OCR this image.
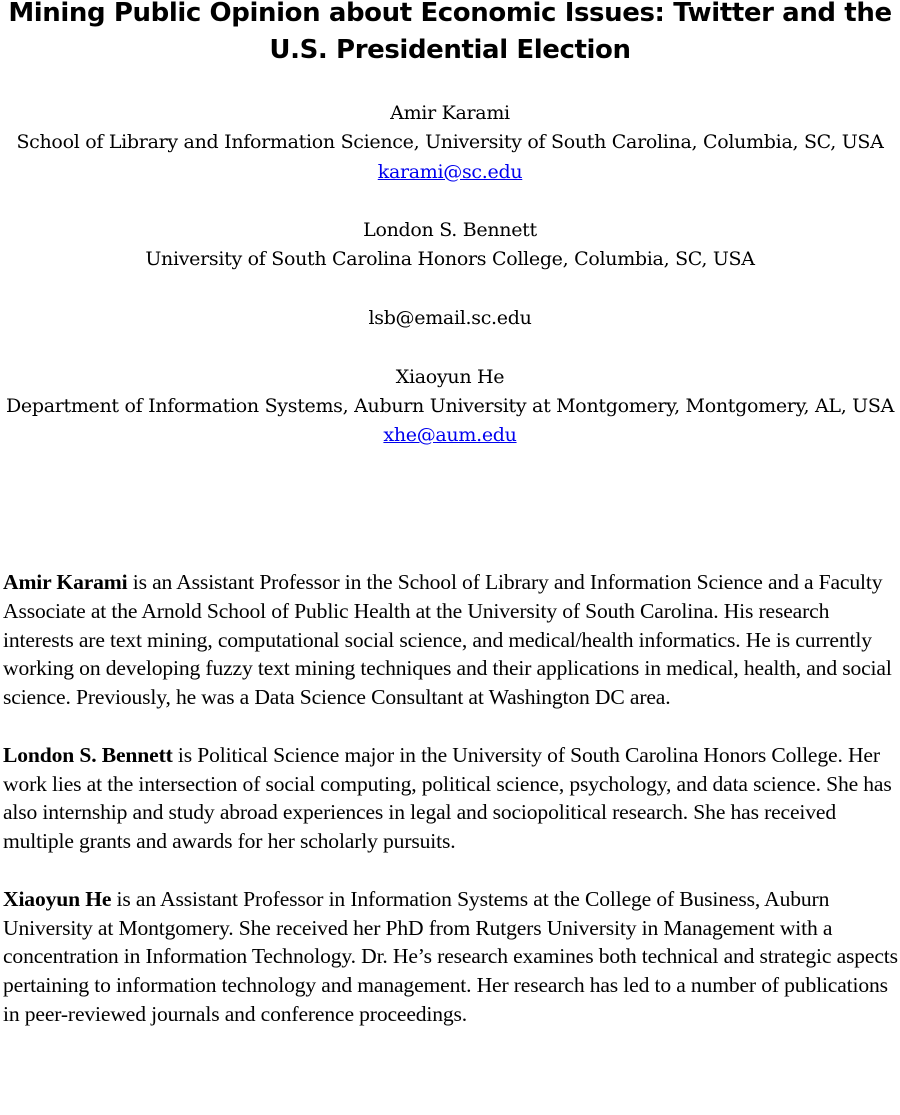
Mining Public Opinion about Economic Issues: Twitter and the U.S. Presidential Election
Amir Karami
School of Library and Information Science, University of South Carolina, Columbia, SC, USA
karami@sc.edu
London S. Bennett
University of South Carolina Honors College, Columbia, SC, USA
lsb@email.sc.edu
Xiaoyun He
Department of Information Systems, Auburn University at Montgomery, Montgomery, AL, USA
xhe@aum.edu

Amir Karami is an Assistant Professor in the School of Library and Information Science and a Faculty Associate at the Arnold School of Public Health at the University of South Carolina. His research interests are text mining, computational social science, and medical/health informatics. He is currently working on developing fuzzy text mining techniques and their applications in medical, health, and social science. Previously, he was a Data Science Consultant at Washington DC area.

London S. Bennett is Political Science major in the University of South Carolina Honors College. Her work lies at the intersection of social computing, political science, psychology, and data science. She has also internship and study abroad experiences in legal and sociopolitical research. She has received multiple grants and awards for her scholarly pursuits.

Xiaoyun He is an Assistant Professor in Information Systems at the College of Business, Auburn University at Montgomery. She received her PhD from Rutgers University in Management with a concentration in Information Technology. Dr. He’s research examines both technical and strategic aspects pertaining to information technology and management. Her research has led to a number of publications in peer-reviewed journals and conference proceedings.
